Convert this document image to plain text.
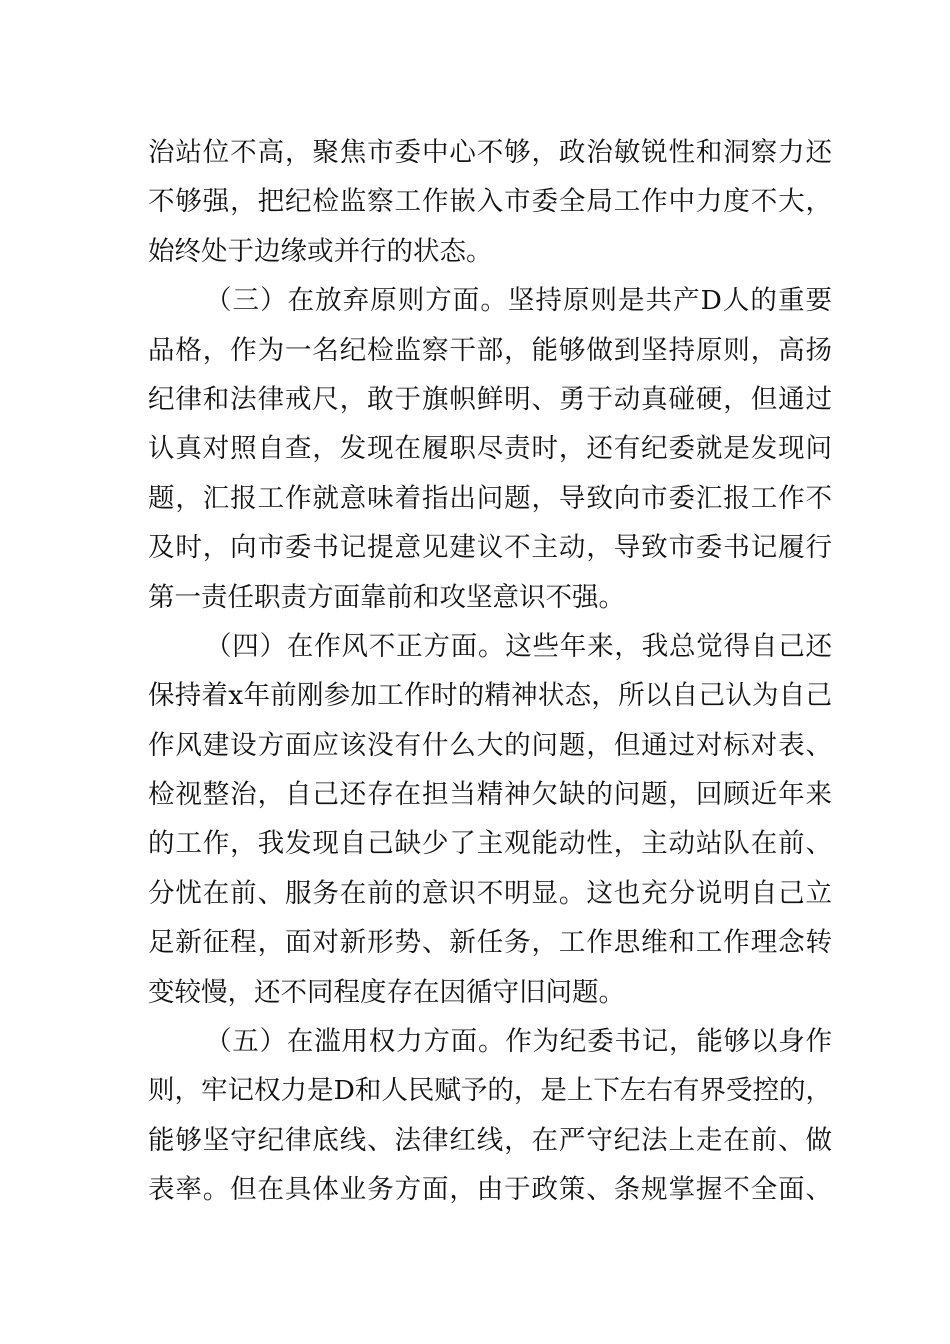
治站位不高，聚焦市委中心不够，政治敏锐性和洞察力还
不够强，把纪检监察工作嵌入市委全局工作中力度不大，
始终处于边缘或并行的状态。
（三）在放弃原则方面。坚持原则是共产D人的重要
品格，作为一名纪检监察干部，能够做到坚持原则，高扬
纪律和法律戒尺，敢于旗帜鲜明、勇于动真碰硬，但通过
认真对照自查，发现在履职尽责时，还有纪委就是发现问
题，汇报工作就意味着指出问题，导致向市委汇报工作不
及时，向市委书记提意见建议不主动，导致市委书记履行
第一责任职责方面靠前和攻坚意识不强。
（四）在作风不正方面。这些年来，我总觉得自己还
保持着x年前刚参加工作时的精神状态，所以自己认为自己
作风建设方面应该没有什么大的问题，但通过对标对表、
检视整治，自己还存在担当精神欠缺的问题，回顾近年来
的工作，我发现自己缺少了主观能动性，主动站队在前、
分忧在前、服务在前的意识不明显。这也充分说明自己立
足新征程，面对新形势、新任务，工作思维和工作理念转
变较慢，还不同程度存在因循守旧问题。
（五）在滥用权力方面。作为纪委书记，能够以身作
则，牢记权力是D和人民赋予的，是上下左右有界受控的，
能够坚守纪律底线、法律红线，在严守纪法上走在前、做
表率。但在具体业务方面，由于政策、条规掌握不全面、
